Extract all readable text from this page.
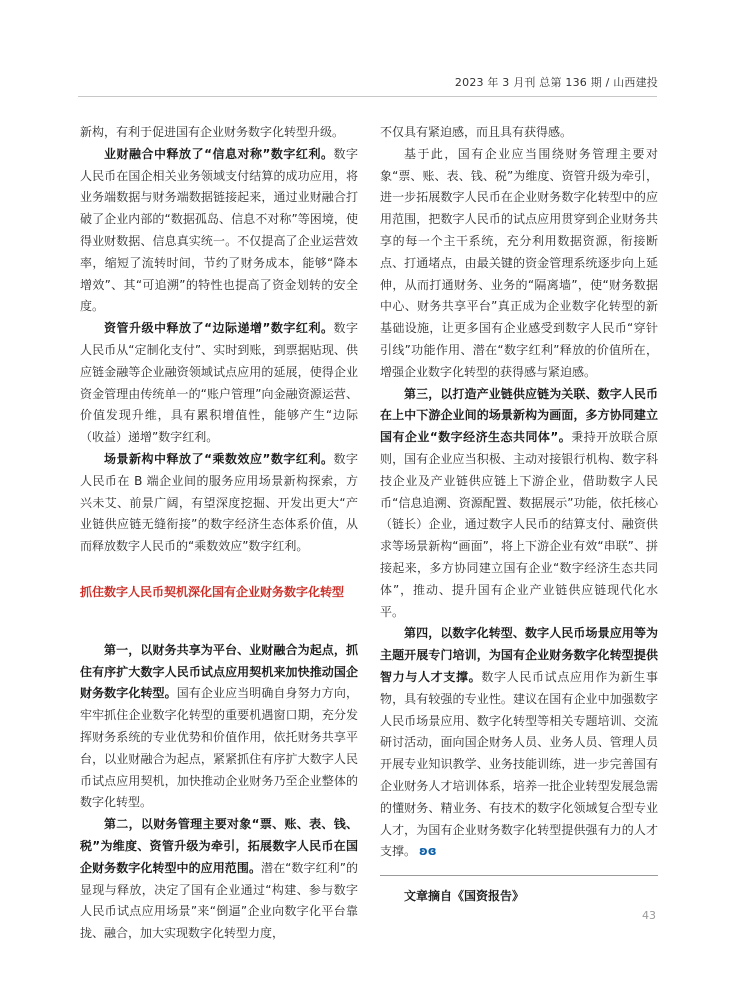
2023 年 3 月刊 总第 136 期 / 山西建投

新构，有利于促进国有企业财务数字化转型升级。

业财融合中释放了“信息对称”数字红利。数字人民币在国企相关业务领域支付结算的成功应用，将业务端数据与财务端数据链接起来，通过业财融合打破了企业内部的“数据孤岛、信息不对称”等困境，使得业财数据、信息真实统一。不仅提高了企业运营效率，缩短了流转时间，节约了财务成本，能够“降本增效”、其“可追溯”的特性也提高了资金划转的安全度。

资管升级中释放了“边际递增”数字红利。数字人民币从“定制化支付”、实时到账，到票据贴现、供应链金融等企业融资领域试点应用的延展，使得企业资金管理由传统单一的“账户管理”向金融资源运营、价值发现升维，具有累积增值性，能够产生“边际（收益）递增”数字红利。

场景新构中释放了“乘数效应”数字红利。数字人民币在 B 端企业间的服务应用场景新构探索，方兴未艾、前景广阔，有望深度挖掘、开发出更大“产业链供应链无缝衔接”的数字经济生态体系价值，从而释放数字人民币的“乘数效应”数字红利。

抓住数字人民币契机深化国有企业财务数字化转型

第一，以财务共享为平台、业财融合为起点，抓住有序扩大数字人民币试点应用契机来加快推动国企财务数字化转型。国有企业应当明确自身努力方向，牢牢抓住企业数字化转型的重要机遇窗口期，充分发挥财务系统的专业优势和价值作用，依托财务共享平台，以业财融合为起点，紧紧抓住有序扩大数字人民币试点应用契机，加快推动企业财务乃至企业整体的数字化转型。

第二，以财务管理主要对象“票、账、表、钱、税”为维度、资管升级为牵引，拓展数字人民币在国企财务数字化转型中的应用范围。潜在“数字红利”的显现与释放，决定了国有企业通过“构建、参与数字人民币试点应用场景”来“倒逼”企业向数字化平台靠拢、融合，加大实现数字化转型力度，

不仅具有紧迫感，而且具有获得感。

基于此，国有企业应当围绕财务管理主要对象“票、账、表、钱、税”为维度、资管升级为牵引，进一步拓展数字人民币在企业财务数字化转型中的应用范围，把数字人民币的试点应用贯穿到企业财务共享的每一个主干系统，充分利用数据资源，衔接断点、打通堵点，由最关键的资金管理系统逐步向上延伸，从而打通财务、业务的“隔离墙”，使“财务数据中心、财务共享平台”真正成为企业数字化转型的新基础设施，让更多国有企业感受到数字人民币“穿针引线”功能作用、潜在“数字红利”释放的价值所在，增强企业数字化转型的获得感与紧迫感。

第三，以打造产业链供应链为关联、数字人民币在上中下游企业间的场景新构为画面，多方协同建立国有企业“数字经济生态共同体”。秉持开放联合原则，国有企业应当积极、主动对接银行机构、数字科技企业及产业链供应链上下游企业，借助数字人民币“信息追溯、资源配置、数据展示”功能，依托核心（链长）企业，通过数字人民币的结算支付、融资供求等场景新构“画面”，将上下游企业有效“串联”、拼接起来，多方协同建立国有企业“数字经济生态共同体”，推动、提升国有企业产业链供应链现代化水平。

第四，以数字化转型、数字人民币场景应用等为主题开展专门培训，为国有企业财务数字化转型提供智力与人才支撑。数字人民币试点应用作为新生事物，具有较强的专业性。建议在国有企业中加强数字人民币场景应用、数字化转型等相关专题培训、交流研讨活动，面向国企财务人员、业务人员、管理人员开展专业知识教学、业务技能训练，进一步完善国有企业财务人才培训体系，培养一批企业转型发展急需的懂财务、精业务、有技术的数字化领域复合型专业人才，为国有企业财务数字化转型提供强有力的人才支撑。 ʚɞ

文章摘自《国资报告》
43
